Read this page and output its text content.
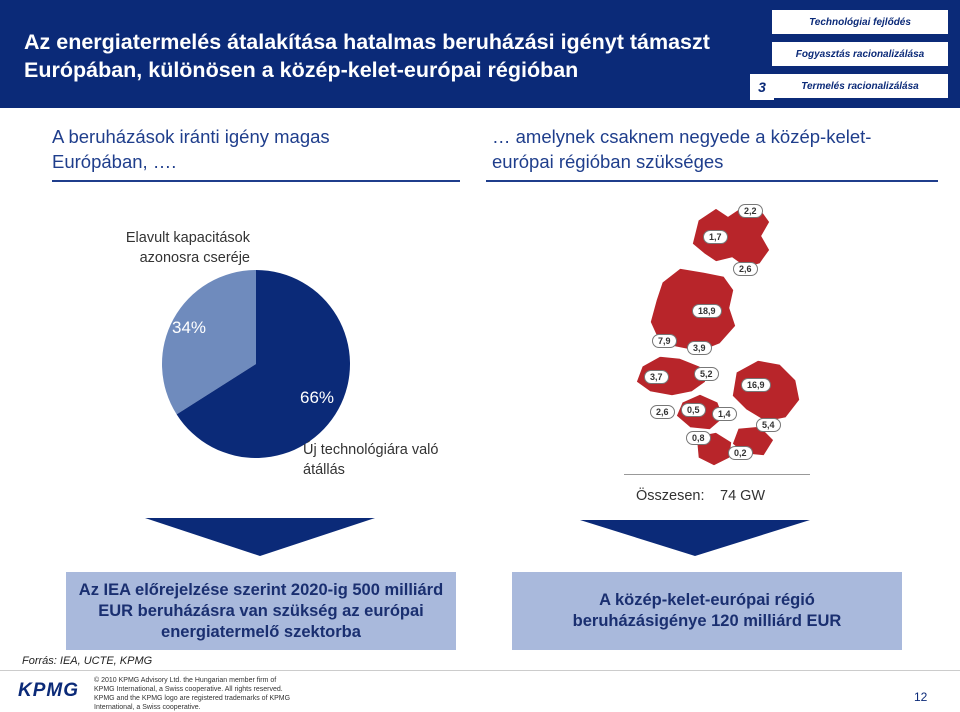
Az energiatermelés átalakítása hatalmas beruházási igényt támaszt Európában, különösen a közép-kelet-európai régióban
Technológiai fejlődés
Fogyasztás racionalizálása
3	Termelés racionalizálása
A beruházások iránti igény magas Európában, ….
… amelynek csaknem negyede a közép-kelet-európai régióban szükséges
Elavult kapacitások azonosra cseréje
34%
66%
Új technológiára való átállás
2,2
1,7
2,6
18,9
7,9
3,9
3,7	5,2
16,9
2,6	0,5	1,4
5,4
0,8
0,2
Összesen: 74 GW
Az IEA előrejelzése szerint 2020-ig 500 milliárd EUR beruházásra van szükség az európai energiatermelő szektorba
A közép-kelet-európai régió beruházásigénye 120 milliárd EUR
Forrás: IEA, UCTE, KPMG
KPMG © 2010 KPMG Advisory Ltd. the Hungarian member firm of KPMG International, a Swiss cooperative. All rights reserved. KPMG and the KPMG logo are registered trademarks of KPMG International, a Swiss cooperative.
12
